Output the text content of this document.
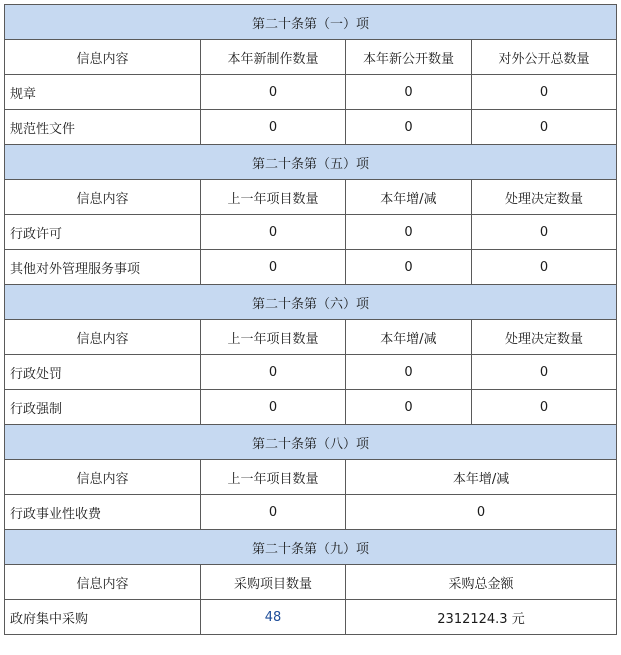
第二十条第（一）项			
信息内容	本年新制作数量	本年新公开数量	对外公开总数量
规章	0	0	0
规范性文件	0	0	0
第二十条第（五）项			
信息内容	上一年项目数量	本年增/减	处理决定数量
行政许可	0	0	0
其他对外管理服务事项	0	0	0
第二十条第（六）项			
信息内容	上一年项目数量	本年增/减	处理决定数量
行政处罚	0	0	0
行政强制	0	0	0
第二十条第（八）项			
信息内容	上一年项目数量	本年增/减	
行政事业性收费	0	0	
第二十条第（九）项			
信息内容	采购项目数量	采购总金额	
政府集中采购	48	2312124.3 元	
